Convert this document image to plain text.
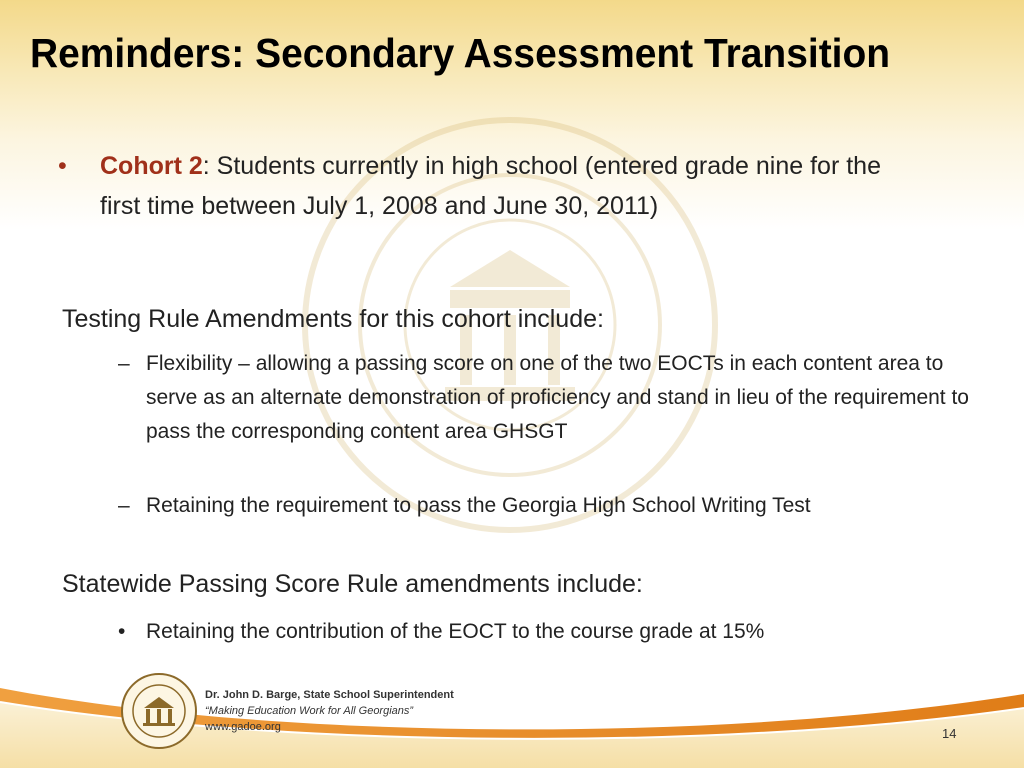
Reminders: Secondary Assessment Transition
• Cohort 2: Students currently in high school (entered grade nine for the first time between July 1, 2008 and June 30, 2011)
Testing Rule Amendments for this cohort include:
– Flexibility – allowing a passing score on one of the two EOCTs in each content area to serve as an alternate demonstration of proficiency and stand in lieu of the requirement to pass the corresponding content area GHSGT
– Retaining the requirement to pass the Georgia High School Writing Test
Statewide Passing Score Rule amendments include:
• Retaining the contribution of the EOCT to the course grade at 15%
Dr. John D. Barge, State School Superintendent
“Making Education Work for All Georgians”
www.gadoe.org	14
